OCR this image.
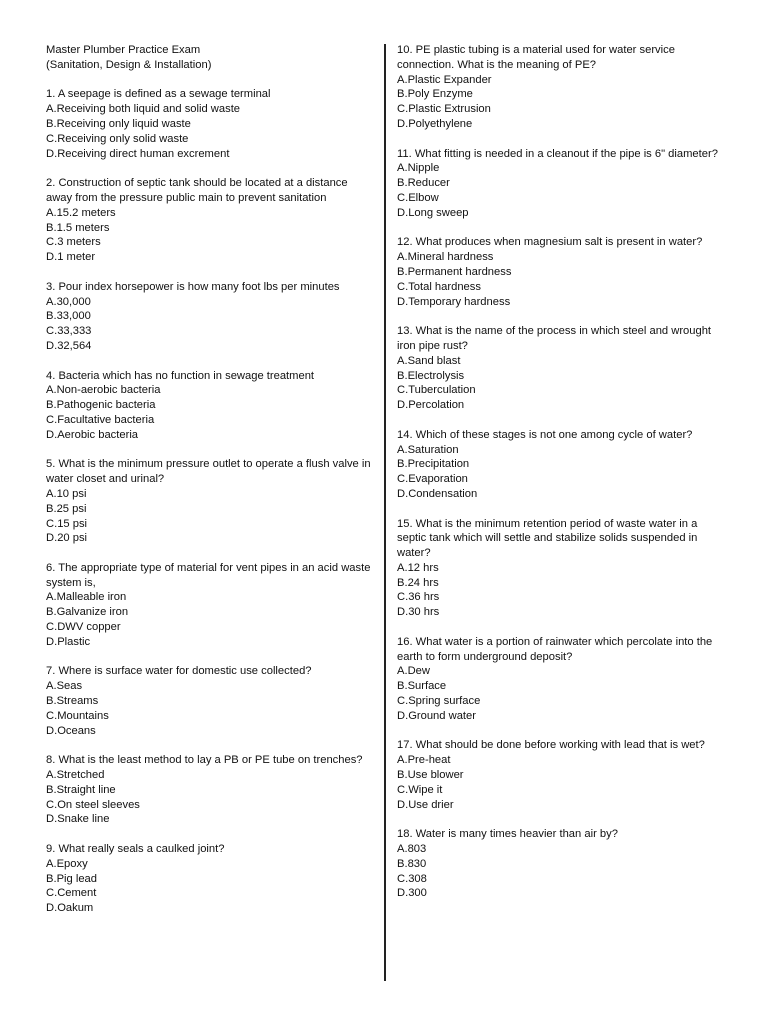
Master Plumber Practice Exam
(Sanitation, Design & Installation)
1. A seepage is defined as a sewage terminal
A.Receiving both liquid and solid waste
B.Receiving only liquid waste
C.Receiving only solid waste
D.Receiving direct human excrement
2. Construction of septic tank should be located at a distance away from the pressure public main to prevent sanitation
A.15.2 meters
B.1.5 meters
C.3 meters
D.1 meter
3. Pour index horsepower is how many foot lbs per minutes
A.30,000
B.33,000
C.33,333
D.32,564
4. Bacteria which has no function in sewage treatment
A.Non-aerobic bacteria
B.Pathogenic bacteria
C.Facultative bacteria
D.Aerobic bacteria
5. What is the minimum pressure outlet to operate a flush valve in water closet and urinal?
A.10 psi
B.25 psi
C.15 psi
D.20 psi
6. The appropriate type of material for vent pipes in an acid waste system is,
A.Malleable iron
B.Galvanize iron
C.DWV copper
D.Plastic
7. Where is surface water for domestic use collected?
A.Seas
B.Streams
C.Mountains
D.Oceans
8. What is the least method to lay a PB or PE tube on trenches?
A.Stretched
B.Straight line
C.On steel sleeves
D.Snake line
9. What really seals a caulked joint?
A.Epoxy
B.Pig lead
C.Cement
D.Oakum
10. PE plastic tubing is a material used for water service connection. What is the meaning of PE?
A.Plastic Expander
B.Poly Enzyme
C.Plastic Extrusion
D.Polyethylene
11. What fitting is needed in a cleanout if the pipe is 6" diameter?
A.Nipple
B.Reducer
C.Elbow
D.Long sweep
12. What produces when magnesium salt is present in water?
A.Mineral hardness
B.Permanent hardness
C.Total hardness
D.Temporary hardness
13. What is the name of the process in which steel and wrought iron pipe rust?
A.Sand blast
B.Electrolysis
C.Tuberculation
D.Percolation
14. Which of these stages is not one among cycle of water?
A.Saturation
B.Precipitation
C.Evaporation
D.Condensation
15. What is the minimum retention period of waste water in a septic tank which will settle and stabilize solids suspended in water?
A.12 hrs
B.24 hrs
C.36 hrs
D.30 hrs
16. What water is a portion of rainwater which percolate into the earth to form underground deposit?
A.Dew
B.Surface
C.Spring surface
D.Ground water
17. What should be done before working with lead that is wet?
A.Pre-heat
B.Use blower
C.Wipe it
D.Use drier
18. Water is many times heavier than air by?
A.803
B.830
C.308
D.300
